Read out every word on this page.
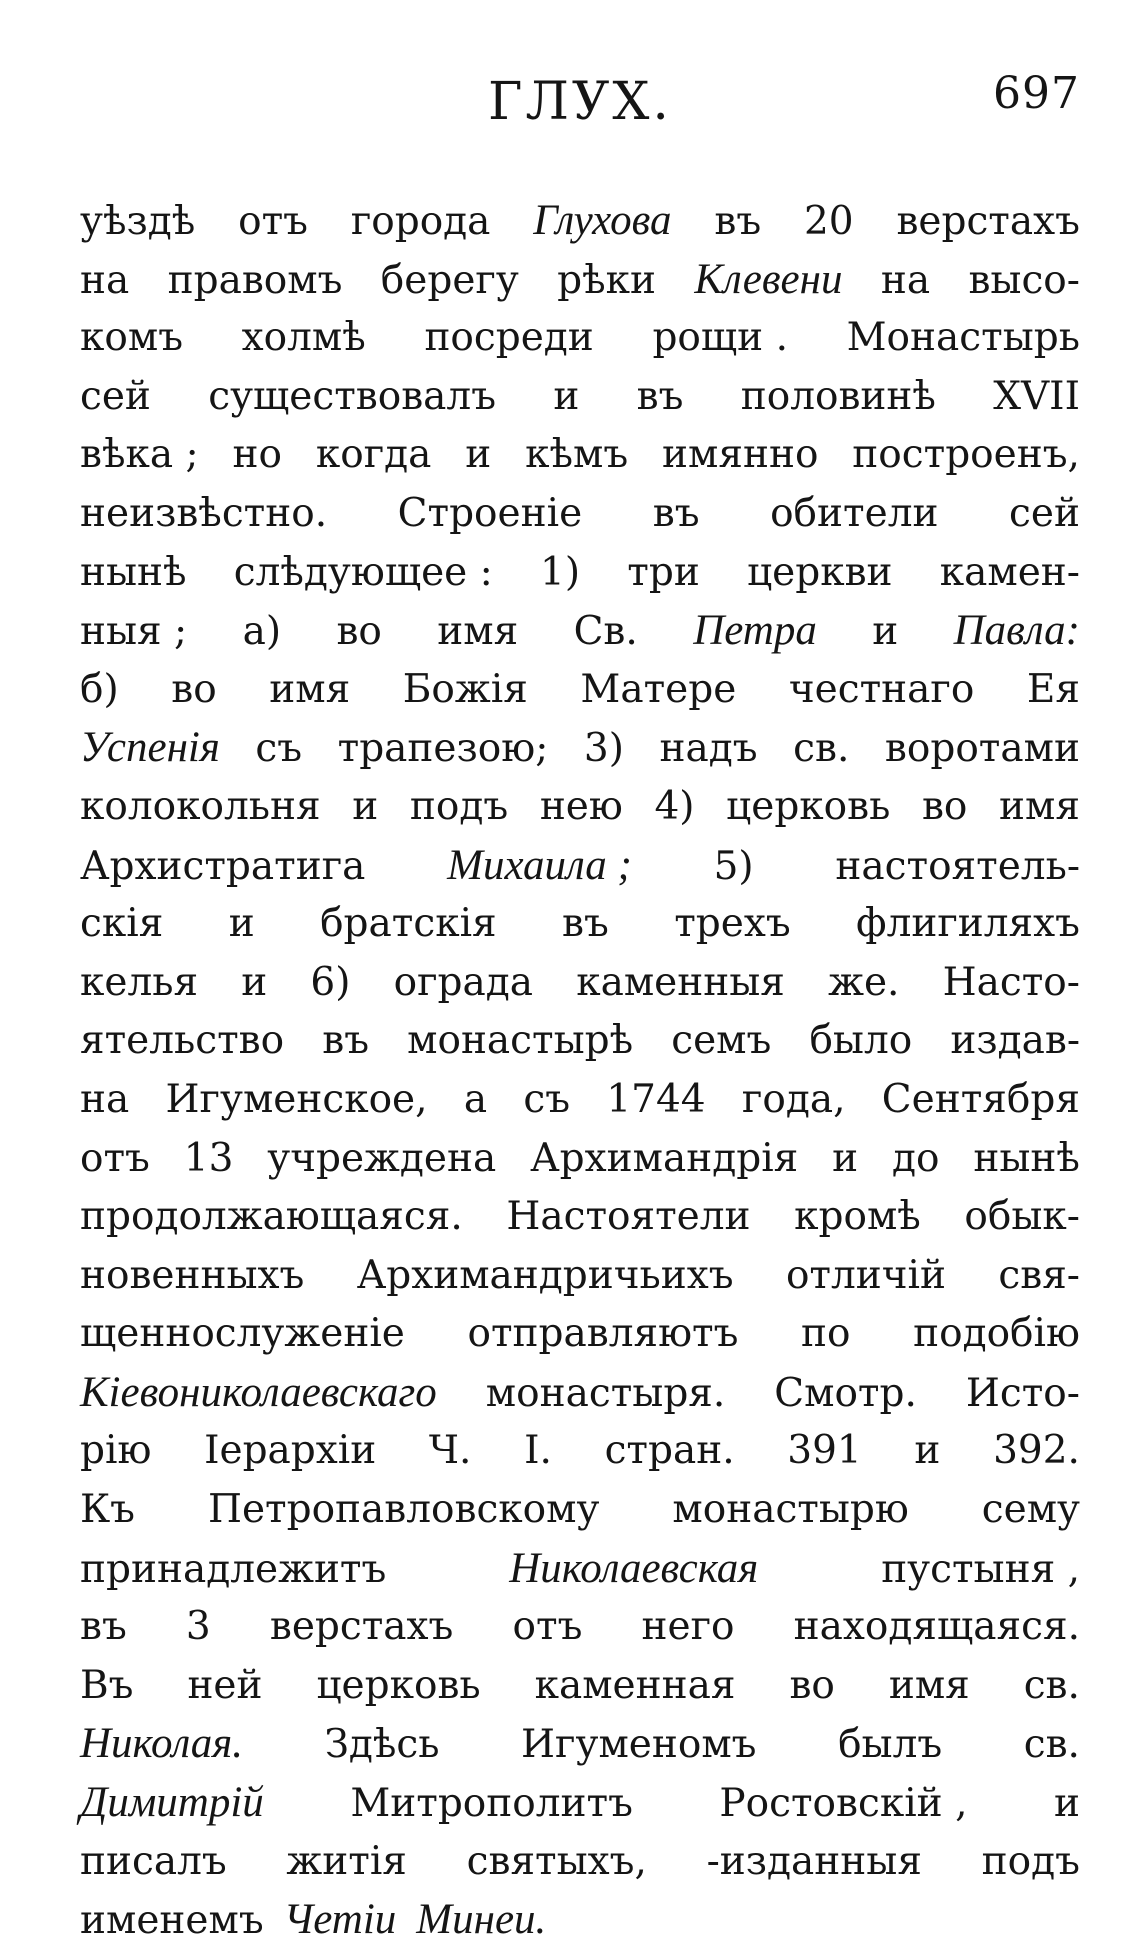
ГЛУХ.	697
уѣздѣ отъ города Глухова въ 20 верстахъ
на правомъ берегу рѣки Клевени на высо-
комъ холмѣ посреди рощи . Монастырь
сей существовалъ и въ половинѣ XVII
вѣка ; но когда и кѣмъ имянно построенъ,
неизвѣстно. Строенiе въ обители сей
нынѣ слѣдующее : 1) три церкви камен-
ныя ; а) во имя Св. Петра и Павла:
б) во имя Божiя Матере честнаго Ея
Успенiя съ трапезою; 3) надъ св. воротами
колокольня и подъ нею 4) церковь во имя
Архистратига Михаила ; 5) настоятель-
скiя и братскiя въ трехъ флигиляхъ
келья и 6) ограда каменныя же. Насто-
ятельство въ монастырѣ семъ было издав-
на Игуменское, а съ 1744 года, Сентября
отъ 13 учреждена Архимандрiя и до нынѣ
продолжающаяся. Настоятели кромѣ обык-
новенныхъ Архимандричьихъ отличiй свя-
щеннослуженiе отправляютъ по подобiю
Кiевониколаевскаго монастыря. Смотр. Исто-
рiю Iерархiи Ч. I. стран. 391 и 392.
Къ Петропавловскому монастырю сему
принадлежитъ	Николаевская	пустыня ,
въ 3 верстахъ отъ него находящаяся.
Въ ней церковь каменная во имя св.
Николая. Здѣсь Игуменомъ былъ св.
Димитрiй Митрополитъ Ростовскiй , и
писалъ житiя святыхъ, -изданныя подъ
именемъ Четiи Минеи.
